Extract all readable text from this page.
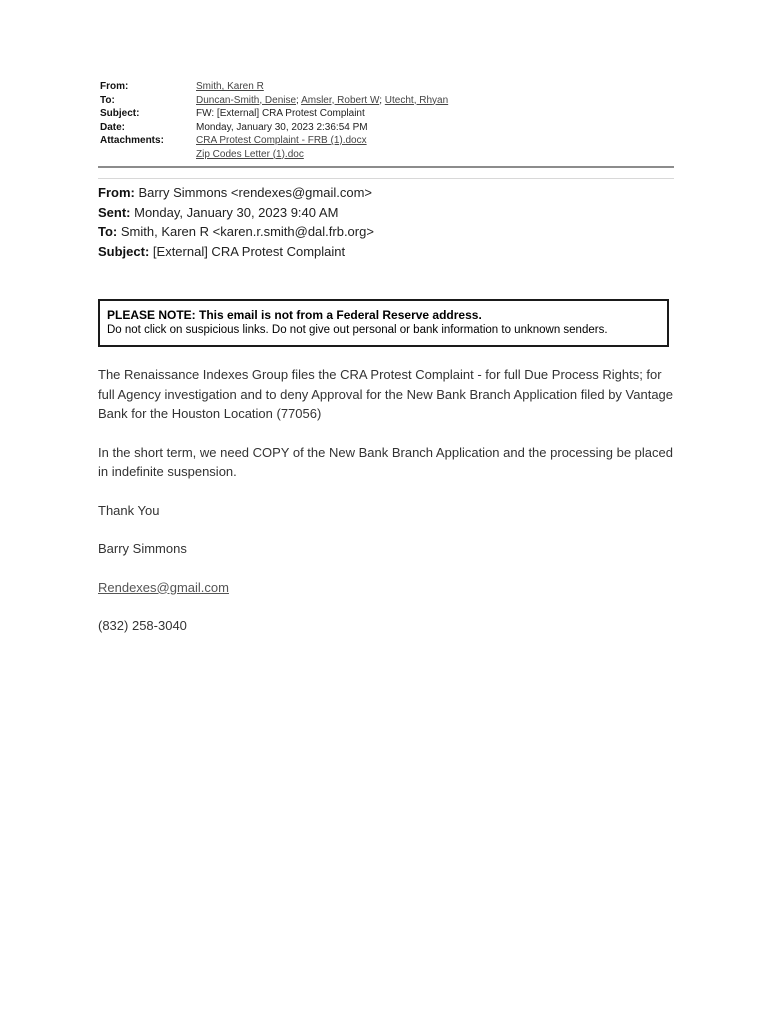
From:	Smith, Karen R
To:	Duncan-Smith, Denise; Amsler, Robert W; Utecht, Rhyan
Subject:	FW: [External] CRA Protest Complaint
Date:	Monday, January 30, 2023 2:36:54 PM
Attachments:	CRA Protest Complaint - FRB (1).docx
Zip Codes Letter (1).doc
From: Barry Simmons <rendexes@gmail.com>
Sent: Monday, January 30, 2023 9:40 AM
To: Smith, Karen R <karen.r.smith@dal.frb.org>
Subject: [External] CRA Protest Complaint
PLEASE NOTE: This email is not from a Federal Reserve address.
Do not click on suspicious links. Do not give out personal or bank information to unknown senders.

The Renaissance Indexes Group files the CRA Protest Complaint - for full Due Process Rights; for full Agency investigation and to deny Approval for the New Bank Branch Application filed by Vantage Bank for the Houston Location (77056)

In the short term, we need COPY of the New Bank Branch Application and the processing be placed in indefinite suspension.

Thank You

Barry Simmons

Rendexes@gmail.com

(832) 258-3040
